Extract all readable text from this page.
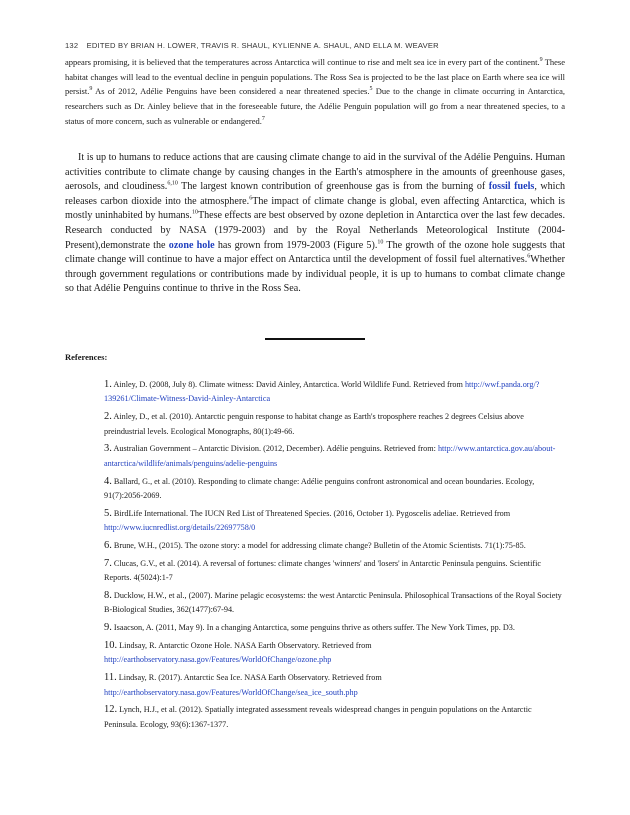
132 EDITED BY BRIAN H. LOWER, TRAVIS R. SHAUL, KYLIENNE A. SHAUL, AND ELLA M. WEAVER

appears promising, it is believed that the temperatures across Antarctica will continue to rise and melt sea ice in every part of the continent.$^9$ These habitat changes will lead to the eventual decline in penguin populations. The Ross Sea is projected to be the last place on Earth where sea ice will persist.$^9$ As of 2012, Adélie Penguins have been considered a near threatened species.$^5$ Due to the change in climate occurring in Antarctica, researchers such as Dr. Ainley believe that in the foreseeable future, the Adélie Penguin population will go from a near threatened species, to a status of more concern, such as vulnerable or endangered.$^7$

It is up to humans to reduce actions that are causing climate change to aid in the survival of the Adélie Penguins. Human activities contribute to climate change by causing changes in the Earth's atmosphere in the amounts of greenhouse gases, aerosols, and cloudiness.$^{6,10}$ The largest known contribution of greenhouse gas is from the burning of fossil fuels, which releases carbon dioxide into the atmosphere.$^6$The impact of climate change is global, even affecting Antarctica, which is mostly uninhabited by humans.$^{10}$These effects are best observed by ozone depletion in Antarctica over the last few decades. Research conducted by NASA (1979-2003) and by the Royal Netherlands Meteorological Institute (2004-Present),demonstrate the ozone hole has grown from 1979-2003 (Figure 5).$^{10}$ The growth of the ozone hole suggests that climate change will continue to have a major effect on Antarctica until the development of fossil fuel alternatives.$^6$Whether through government regulations or contributions made by individual people, it is up to humans to combat climate change so that Adélie Penguins continue to thrive in the Ross Sea.

References:

1. Ainley, D. (2008, July 8). Climate witness: David Ainley, Antarctica. World Wildlife Fund. Retrieved from http://wwf.panda.org/?139261/Climate-Witness-David-Ainley-Antarctica
2. Ainley, D., et al. (2010). Antarctic penguin response to habitat change as Earth's troposphere reaches 2 degrees Celsius above preindustrial levels. Ecological Monographs, 80(1):49-66.
3. Australian Government – Antarctic Division. (2012, December). Adélie penguins. Retrieved from: http://www.antarctica.gov.au/about-antarctica/wildlife/animals/penguins/adelie-penguins
4. Ballard, G., et al. (2010). Responding to climate change: Adélie penguins confront astronomical and ocean boundaries. Ecology, 91(7):2056-2069.
5. BirdLife International. The IUCN Red List of Threatened Species. (2016, October 1). Pygoscelis adeliae. Retrieved from http://www.iucnredlist.org/details/22697758/0
6. Brune, W.H., (2015). The ozone story: a model for addressing climate change? Bulletin of the Atomic Scientists. 71(1):75-85.
7. Clucas, G.V., et al. (2014). A reversal of fortunes: climate changes 'winners' and 'losers' in Antarctic Peninsula penguins. Scientific Reports. 4(5024):1-7
8. Ducklow, H.W., et al., (2007). Marine pelagic ecosystems: the west Antarctic Peninsula. Philosophical Transactions of the Royal Society B-Biological Studies, 362(1477):67-94.
9. Isaacson, A. (2011, May 9). In a changing Antarctica, some penguins thrive as others suffer. The New York Times, pp. D3.
10. Lindsay, R. Antarctic Ozone Hole. NASA Earth Observatory. Retrieved from http://earthobservatory.nasa.gov/Features/WorldOfChange/ozone.php
11. Lindsay, R. (2017). Antarctic Sea Ice. NASA Earth Observatory. Retrieved from http://earthobservatory.nasa.gov/Features/WorldOfChange/sea_ice_south.php
12. Lynch, H.J., et al. (2012). Spatially integrated assessment reveals widespread changes in penguin populations on the Antarctic Peninsula. Ecology, 93(6):1367-1377.
